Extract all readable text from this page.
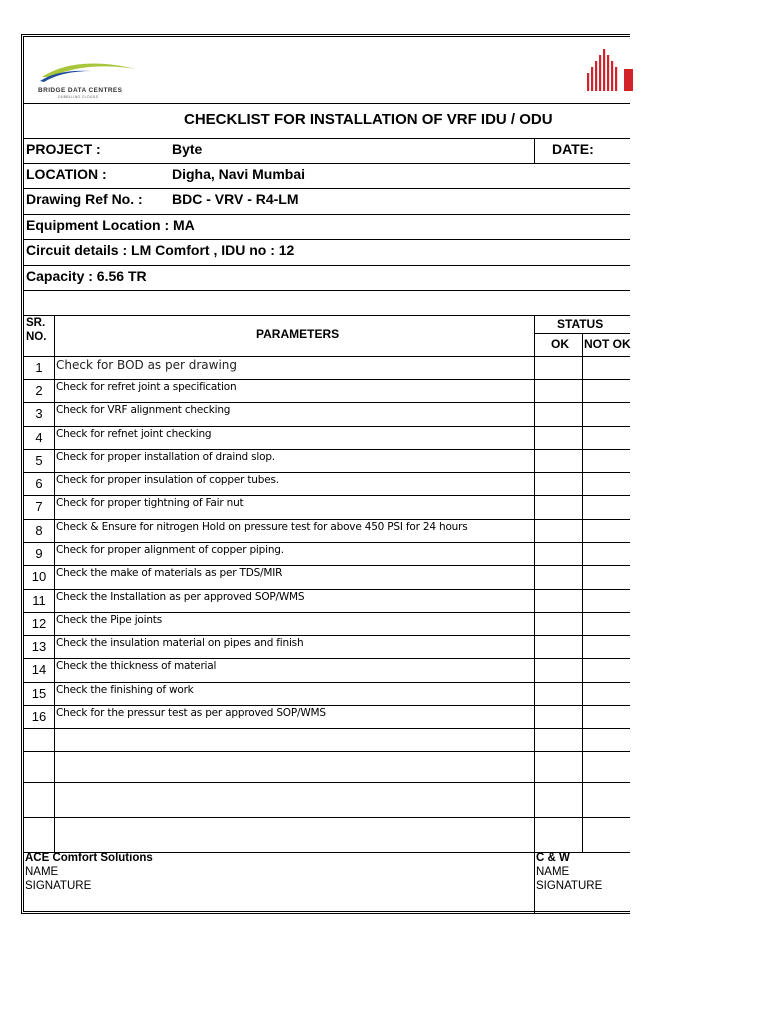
BRIDGE DATA CENTRES
DUBBLLING CLOUDS
CHECKLIST FOR INSTALLATION OF VRF IDU / ODU
PROJECT :	Byte	DATE:
LOCATION :	Digha, Navi Mumbai
Drawing Ref No. : BDC - VRV - R4-LM
Equipment Location : MA
Circuit details : LM Comfort , IDU no : 12
Capacity : 6.56 TR
SR.
NO.	PARAMETERS
STATUS
OK NOT OK
1	Check for BOD as per drawing
2	Check for refret joint a specification
3	Check for VRF alignment checking
4	Check for refnet joint checking
5	Check for proper installation of draind slop.
6	Check for proper insulation of copper tubes.
7	Check for proper tightning of Fair nut
8	Check & Ensure for nitrogen Hold on pressure test for above 450 PSI for 24 hours
9	Check for proper alignment of copper piping.
10 Check the make of materials as per TDS/MIR
11 Check the Installation as per approved SOP/WMS
12 Check the Pipe joints
13 Check the insulation material on pipes and finish
14 Check the thickness of material
15 Check the finishing of work
16 Check for the pressur test as per approved SOP/WMS
ACE Comfort Solutions
NAME
SIGNATURE
C & W
NAME
SIGNATURE
